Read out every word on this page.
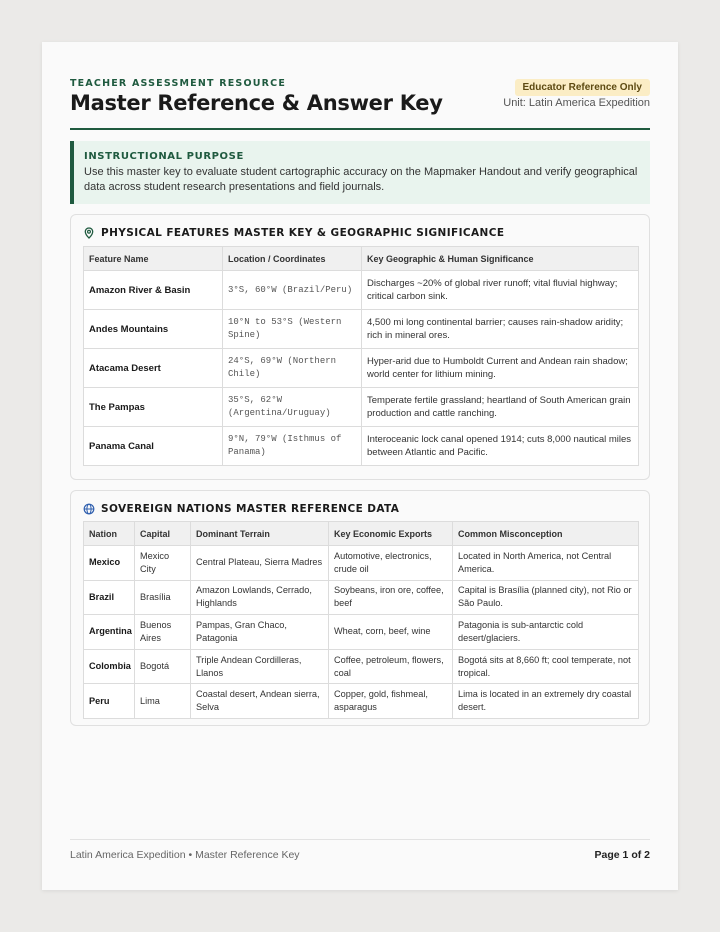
TEACHER ASSESSMENT RESOURCE
Master Reference & Answer Key
Educator Reference Only
Unit: Latin America Expedition
INSTRUCTIONAL PURPOSE
Use this master key to evaluate student cartographic accuracy on the Mapmaker Handout and verify geographical data across student research presentations and field journals.
PHYSICAL FEATURES MASTER KEY & GEOGRAPHIC SIGNIFICANCE
Feature Name	Location / Coordinates	Key Geographic & Human Significance
Amazon River & Basin	3°S, 60°W (Brazil/Peru)	Discharges ~20% of global river runoff; vital fluvial highway; critical carbon sink.
Andes Mountains	10°N to 53°S (Western Spine)	4,500 mi long continental barrier; causes rain-shadow aridity; rich in mineral ores.
Atacama Desert	24°S, 69°W (Northern Chile)	Hyper-arid due to Humboldt Current and Andean rain shadow; world center for lithium mining.
The Pampas	35°S, 62°W (Argentina/Uruguay)	Temperate fertile grassland; heartland of South American grain production and cattle ranching.
Panama Canal	9°N, 79°W (Isthmus of Panama)	Interoceanic lock canal opened 1914; cuts 8,000 nautical miles between Atlantic and Pacific.
SOVEREIGN NATIONS MASTER REFERENCE DATA
Nation	Capital	Dominant Terrain	Key Economic Exports	Common Misconception
Mexico	Mexico City	Central Plateau, Sierra Madres	Automotive, electronics, crude oil	Located in North America, not Central America.
Brazil	Brasília	Amazon Lowlands, Cerrado, Highlands	Soybeans, iron ore, coffee, beef	Capital is Brasília (planned city), not Rio or São Paulo.
Argentina	Buenos Aires	Pampas, Gran Chaco, Patagonia	Wheat, corn, beef, wine	Patagonia is sub-antarctic cold desert/glaciers.
Colombia	Bogotá	Triple Andean Cordilleras, Llanos	Coffee, petroleum, flowers, coal	Bogotá sits at 8,660 ft; cool temperate, not tropical.
Peru	Lima	Coastal desert, Andean sierra, Selva	Copper, gold, fishmeal, asparagus	Lima is located in an extremely dry coastal desert.
Latin America Expedition • Master Reference Key	Page 1 of 2
